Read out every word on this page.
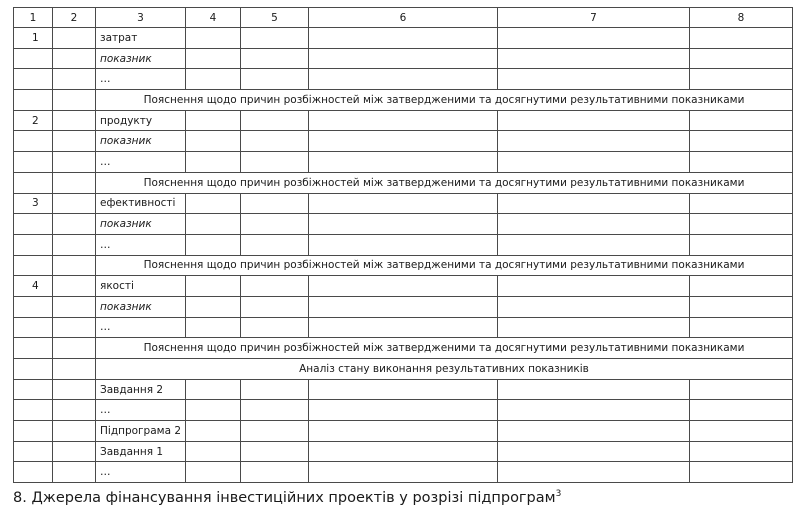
1	2	3	4	5	6	7	8
1		затрат					
		показник					
		…					
		Пояснення щодо причин розбіжностей між затвердженими та досягнутими результативними показниками					
2		продукту					
		показник					
		…					
		Пояснення щодо причин розбіжностей між затвердженими та досягнутими результативними показниками					
3		ефективності					
		показник					
		…					
		Пояснення щодо причин розбіжностей між затвердженими та досягнутими результативними показниками					
4		якості					
		показник					
		…					
		Пояснення щодо причин розбіжностей між затвердженими та досягнутими результативними показниками					
		Аналіз стану виконання результативних показників					
		Завдання 2					
		…					
		Підпрограма 2					
		Завдання 1					
		…					
8. Джерела фінансування інвестиційних проектів у розрізі підпрограм$^3$
